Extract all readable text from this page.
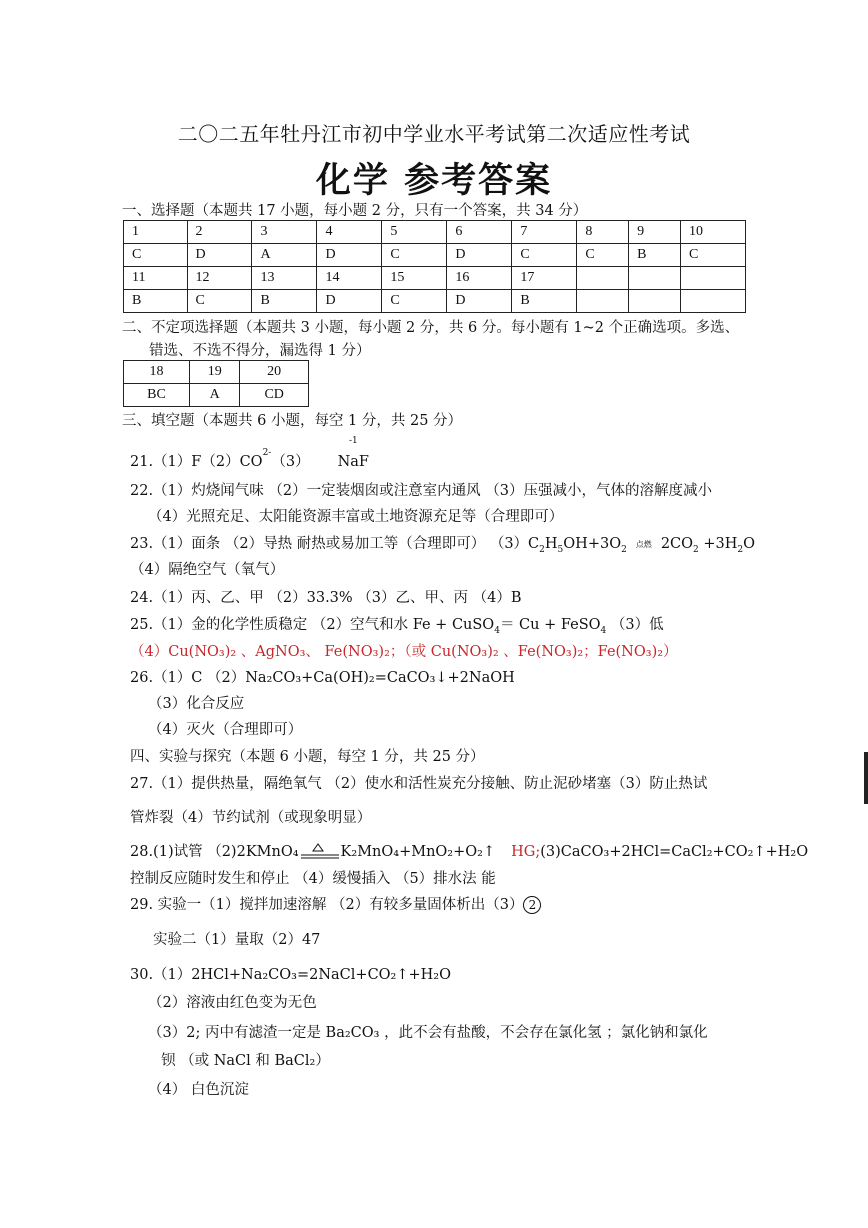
二〇二五年牡丹江市初中学业水平考试第二次适应性考试
化学 参考答案
一、选择题（本题共 17 小题，每小题 2 分，只有一个答案，共 34 分）
1	2	3	4	5	6	7	8	9	10
C	D	A	D	C	D	C	C	B	C
11	12	13	14	15	16	17			
B	C	B	D	C	D	B			
二、不定项选择题（本题共 3 小题，每小题 2 分，共 6 分。每小题有 1~2 个正确选项。多选、
错选、不选不得分，漏选得 1 分）
18	19	20
BC	A	CD
三、填空题（本题共 6 小题，每空 1 分，共 25 分）
-1
$21.(1)F(2)CO^{2-}(3)$ NaF
22.（1）灼烧闻气味 （2）一定装烟囱或注意室内通风 （3）压强减小，气体的溶解度减小
（4）光照充足、太阳能资源丰富或土地资源充足等（合理即可）
23.（1）面条 （2）导热 耐热或易加工等（合理即可） $(3)C_2H_5OH+3O_2$
点燃 $2CO_2 +3H_2O$
（4）隔绝空气（氧气）
24.（1）丙、乙、甲 （2）33.3% （3）乙、甲、丙 （4）B
25.（1）金的化学性质稳定 （2）空气和水 Fe + CuSO$_4$＝ Cu + FeSO$_4$ （3）低
（4）Cu(NO₃)₂ 、AgNO₃、 Fe(NO₃)₂；（或 Cu(NO₃)₂ 、Fe(NO₃)₂；Fe(NO₃)₂）
26.（1）C （2）Na₂CO₃+Ca(OH)₂=CaCO₃↓+2NaOH
（3）化合反应
（4）灭火（合理即可）
四、实验与探究（本题 6 小题，每空 1 分，共 25 分）
27.（1）提供热量，隔绝氧气 （2）使水和活性炭充分接触、防止泥砂堵塞（3）防止热试
管炸裂（4）节约试剂（或现象明显）
28.(1)试管 （2)2KMnO₄	K₂MnO₄+MnO₂+O₂↑ HG;(3)CaCO₃+2HCl=CaCl₂+CO₂↑+H₂O
控制反应随时发生和停止 （4）缓慢插入 （5）排水法 能
29. 实验一（1）搅拌加速溶解 （2）有较多量固体析出（3） 2
实验二（1）量取（2）47
30.（1）2HCl+Na₂CO₃=2NaCl+CO₂↑+H₂O
（2）溶液由红色变为无色
（3）2; 丙中有滤渣一定是 Ba₂CO₃ ，此不会有盐酸，不会存在氯化氢 ；氯化钠和氯化
钡 （或 NaCl 和 BaCl₂）
（4） 白色沉淀
